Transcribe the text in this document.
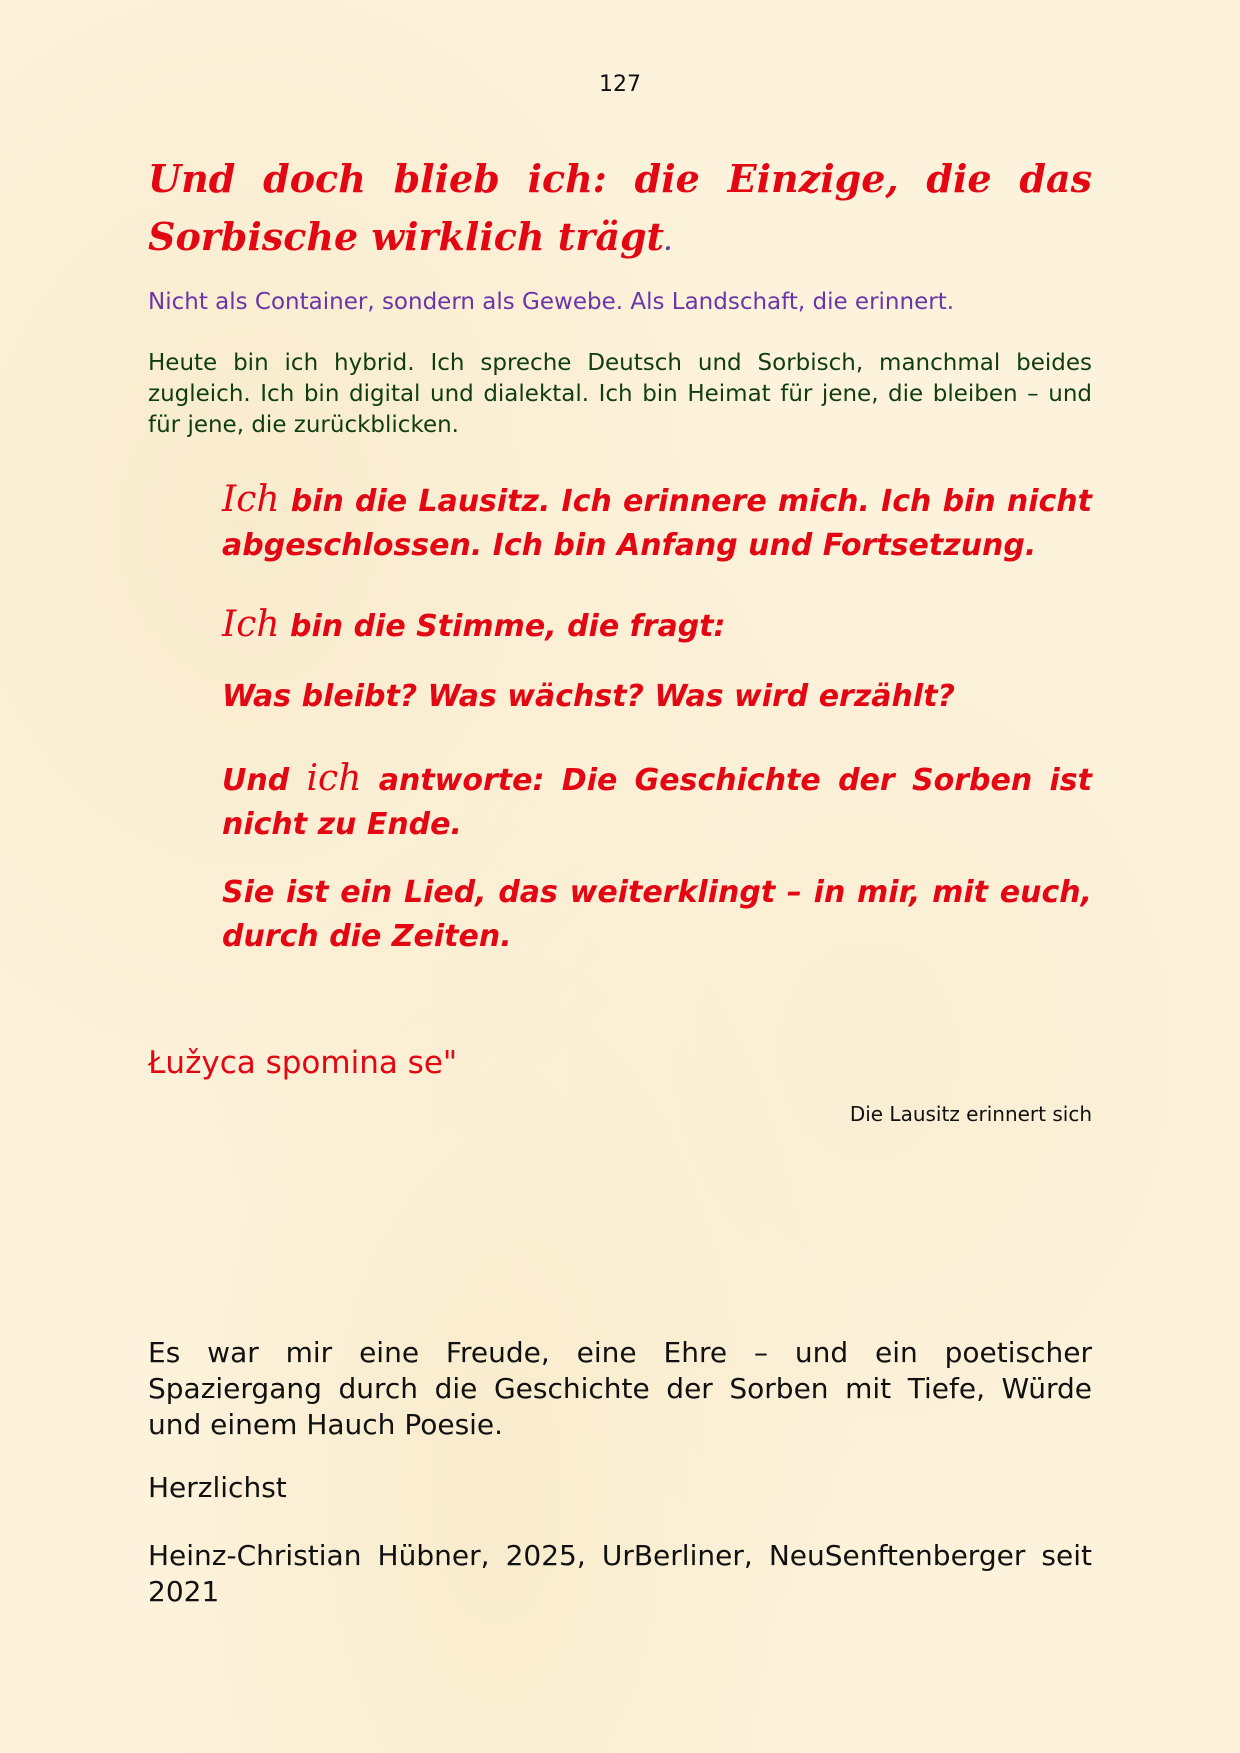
127
Und doch blieb ich: die Einzige, die das Sorbische wirklich trägt.
Nicht als Container, sondern als Gewebe. Als Landschaft, die erinnert.
Heute bin ich hybrid. Ich spreche Deutsch und Sorbisch, manchmal beides zugleich. Ich bin digital und dialektal. Ich bin Heimat für jene, die bleiben – und für jene, die zurückblicken.
Ich bin die Lausitz. Ich erinnere mich. Ich bin nicht abgeschlossen. Ich bin Anfang und Fortsetzung.
Ich bin die Stimme, die fragt:
Was bleibt? Was wächst? Was wird erzählt?
Und ich antworte: Die Geschichte der Sorben ist nicht zu Ende.
Sie ist ein Lied, das weiterklingt – in mir, mit euch, durch die Zeiten.
Łužyca spomina se"
Die Lausitz erinnert sich
Es war mir eine Freude, eine Ehre – und ein poetischer Spaziergang durch die Geschichte der Sorben mit Tiefe, Würde und einem Hauch Poesie.
Herzlichst
Heinz-Christian Hübner, 2025, UrBerliner, NeuSenftenberger seit 2021
